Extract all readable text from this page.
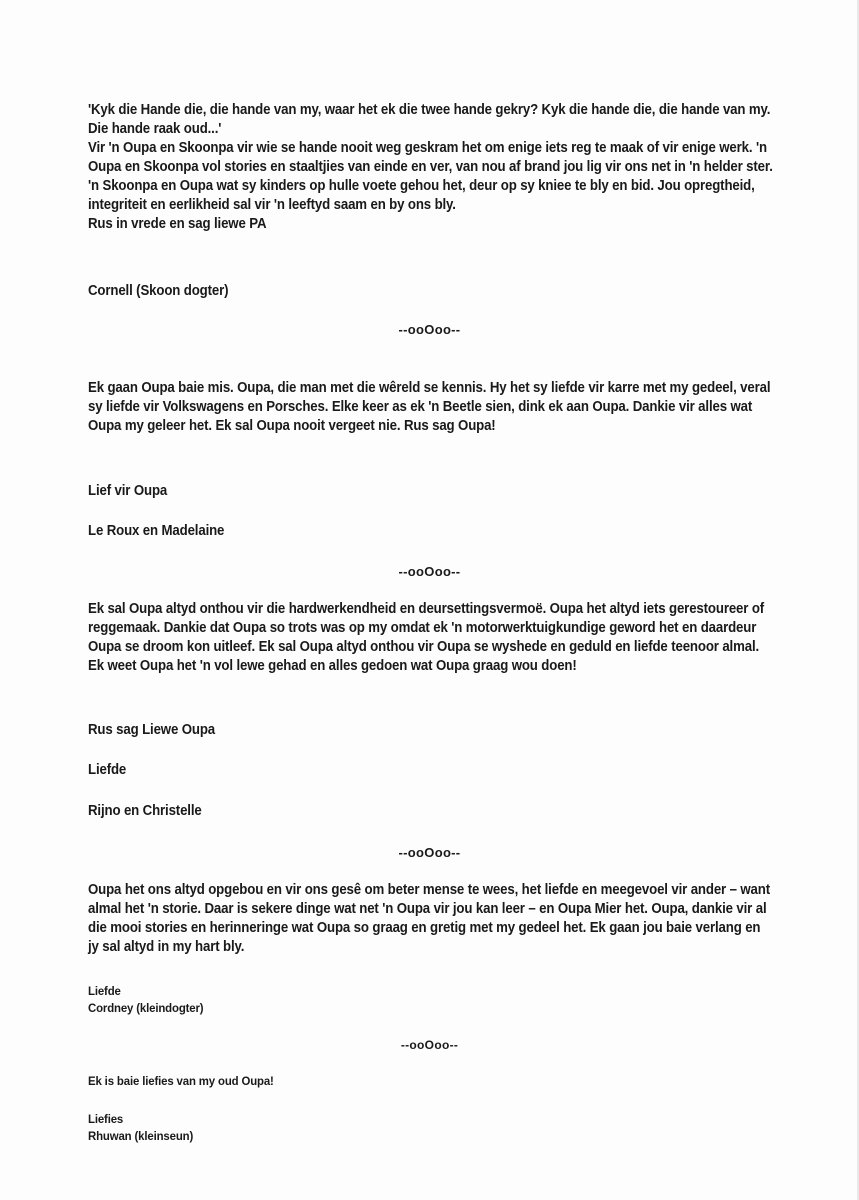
'Kyk die Hande die, die hande van my, waar het ek die twee hande gekry? Kyk die hande die, die hande van my. Die hande raak oud...'

Vir 'n Oupa en Skoonpa vir wie se hande nooit weg geskram het om enige iets reg te maak of vir enige werk. 'n Oupa en Skoonpa vol stories en staaltjies van einde en ver, van nou af brand jou lig vir ons net in 'n helder ster. 'n Skoonpa en Oupa wat sy kinders op hulle voete gehou het, deur op sy kniee te bly en bid. Jou opregtheid, integriteit en eerlikheid sal vir 'n leeftyd saam en by ons bly.

Rus in vrede en sag liewe PA

Cornell (Skoon dogter)

--ooOoo--

Ek gaan Oupa baie mis. Oupa, die man met die wêreld se kennis. Hy het sy liefde vir karre met my gedeel, veral sy liefde vir Volkswagens en Porsches. Elke keer as ek 'n Beetle sien, dink ek aan Oupa. Dankie vir alles wat Oupa my geleer het. Ek sal Oupa nooit vergeet nie. Rus sag Oupa!

Lief vir Oupa

Le Roux en Madelaine

--ooOoo--

Ek sal Oupa altyd onthou vir die hardwerkendheid en deursettingsvermoë. Oupa het altyd iets gerestoureer of reggemaak. Dankie dat Oupa so trots was op my omdat ek 'n motorwerktuigkundige geword het en daardeur Oupa se droom kon uitleef. Ek sal Oupa altyd onthou vir Oupa se wyshede en geduld en liefde teenoor almal. Ek weet Oupa het 'n vol lewe gehad en alles gedoen wat Oupa graag wou doen!

Rus sag Liewe Oupa

Liefde

Rijno en Christelle

--ooOoo--

Oupa het ons altyd opgebou en vir ons gesê om beter mense te wees, het liefde en meegevoel vir ander – want almal het 'n storie. Daar is sekere dinge wat net 'n Oupa vir jou kan leer – en Oupa Mier het. Oupa, dankie vir al die mooi stories en herinneringe wat Oupa so graag en gretig met my gedeel het. Ek gaan jou baie verlang en jy sal altyd in my hart bly.

Liefde

Cordney (kleindogter)

--ooOoo--

Ek is baie liefies van my oud Oupa!

Liefies

Rhuwan (kleinseun)
